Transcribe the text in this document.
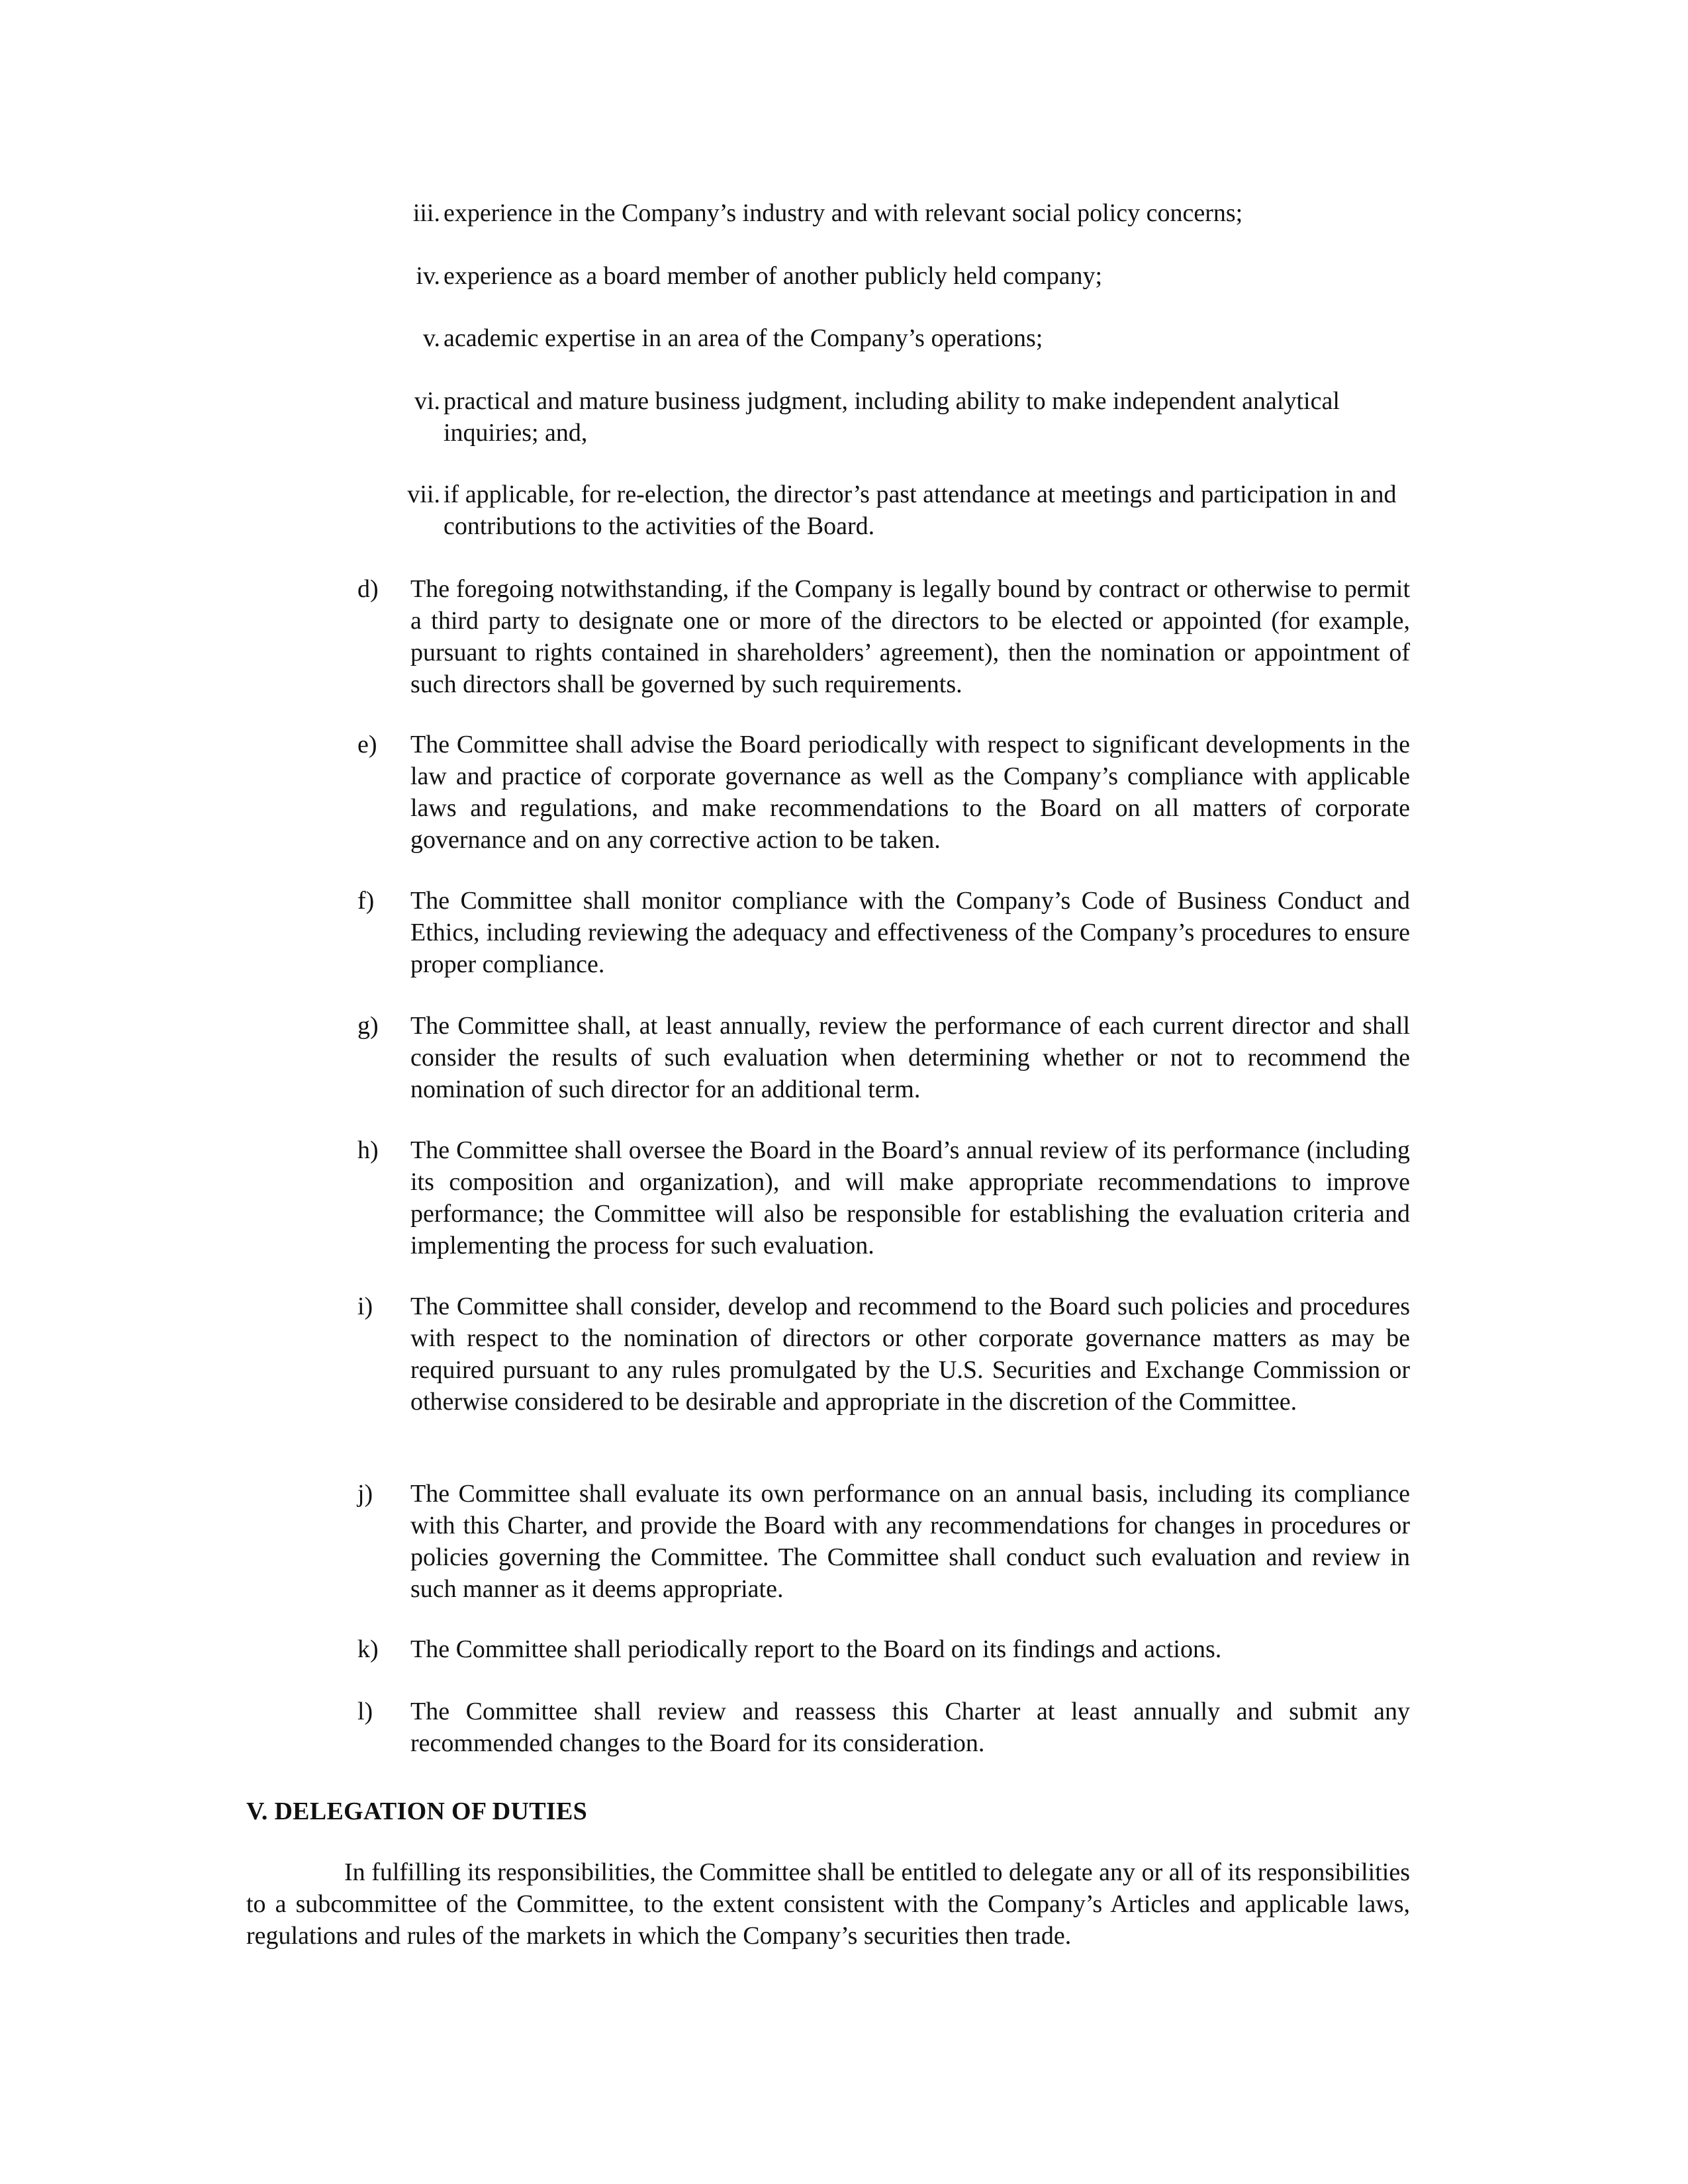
iii. experience in the Company’s industry and with relevant social policy concerns;
iv. experience as a board member of another publicly held company;
v. academic expertise in an area of the Company’s operations;
vi. practical and mature business judgment, including ability to make independent analytical inquiries; and,
vii. if applicable, for re-election, the director’s past attendance at meetings and participation in and contributions to the activities of the Board.
d)	The foregoing notwithstanding, if the Company is legally bound by contract or otherwise to permit a third party to designate one or more of the directors to be elected or appointed (for example, pursuant to rights contained in shareholders’ agreement), then the nomination or appointment of such directors shall be governed by such requirements.
e)	The Committee shall advise the Board periodically with respect to significant developments in the law and practice of corporate governance as well as the Company’s compliance with applicable laws and regulations, and make recommendations to the Board on all matters of corporate governance and on any corrective action to be taken.
f)	The Committee shall monitor compliance with the Company’s Code of Business Conduct and Ethics, including reviewing the adequacy and effectiveness of the Company’s procedures to ensure proper compliance.
g)	The Committee shall, at least annually, review the performance of each current director and shall consider the results of such evaluation when determining whether or not to recommend the nomination of such director for an additional term.
h)	The Committee shall oversee the Board in the Board’s annual review of its performance (including its composition and organization), and will make appropriate recommendations to improve performance; the Committee will also be responsible for establishing the evaluation criteria and implementing the process for such evaluation.
i)	The Committee shall consider, develop and recommend to the Board such policies and procedures with respect to the nomination of directors or other corporate governance matters as may be required pursuant to any rules promulgated by the U.S. Securities and Exchange Commission or otherwise considered to be desirable and appropriate in the discretion of the Committee.
j)	The Committee shall evaluate its own performance on an annual basis, including its compliance with this Charter, and provide the Board with any recommendations for changes in procedures or policies governing the Committee. The Committee shall conduct such evaluation and review in such manner as it deems appropriate.
k)	The Committee shall periodically report to the Board on its findings and actions.
l)	The Committee shall review and reassess this Charter at least annually and submit any recommended changes to the Board for its consideration.
V. DELEGATION OF DUTIES
In fulfilling its responsibilities, the Committee shall be entitled to delegate any or all of its responsibilities to a subcommittee of the Committee, to the extent consistent with the Company’s Articles and applicable laws, regulations and rules of the markets in which the Company’s securities then trade.
